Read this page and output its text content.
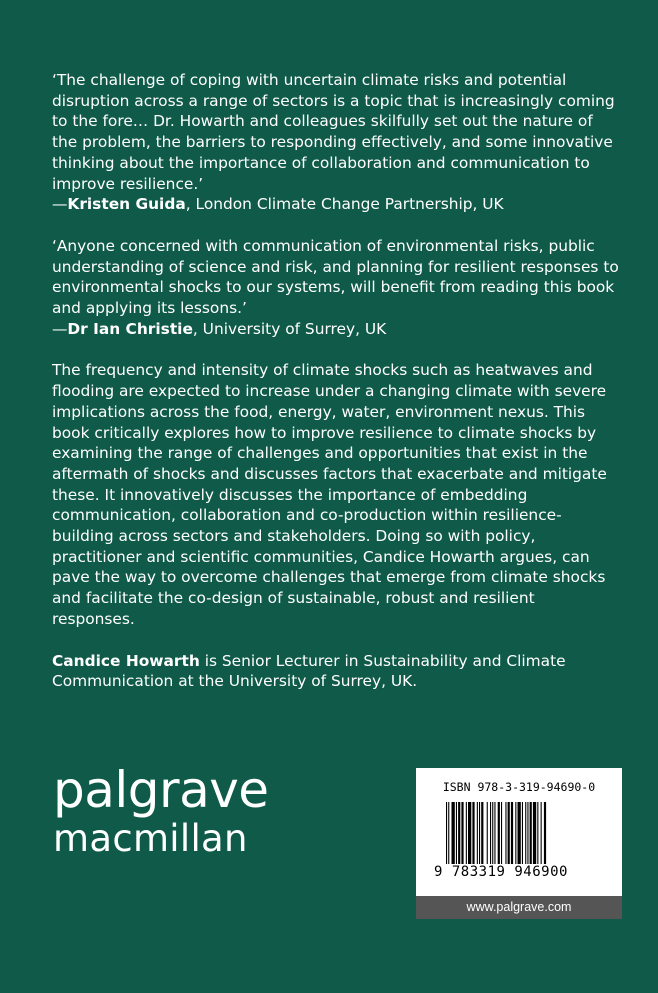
‘The challenge of coping with uncertain climate risks and potential disruption across a range of sectors is a topic that is increasingly coming to the fore… Dr. Howarth and colleagues skilfully set out the nature of the problem, the barriers to responding effectively, and some innovative thinking about the importance of collaboration and communication to improve resilience.’
—Kristen Guida, London Climate Change Partnership, UK
‘Anyone concerned with communication of environmental risks, public understanding of science and risk, and planning for resilient responses to environmental shocks to our systems, will benefit from reading this book and applying its lessons.’
—Dr Ian Christie, University of Surrey, UK
The frequency and intensity of climate shocks such as heatwaves and flooding are expected to increase under a changing climate with severe implications across the food, energy, water, environment nexus. This book critically explores how to improve resilience to climate shocks by examining the range of challenges and opportunities that exist in the aftermath of shocks and discusses factors that exacerbate and mitigate these. It innovatively discusses the importance of embedding communication, collaboration and co-production within resilience-building across sectors and stakeholders. Doing so with policy, practitioner and scientific communities, Candice Howarth argues, can pave the way to overcome challenges that emerge from climate shocks and facilitate the co-design of sustainable, robust and resilient responses.
Candice Howarth is Senior Lecturer in Sustainability and Climate Communication at the University of Surrey, UK.
palgrave
macmillan
ISBN 978-3-319-94690-0
9 783319 946900
www.palgrave.com
